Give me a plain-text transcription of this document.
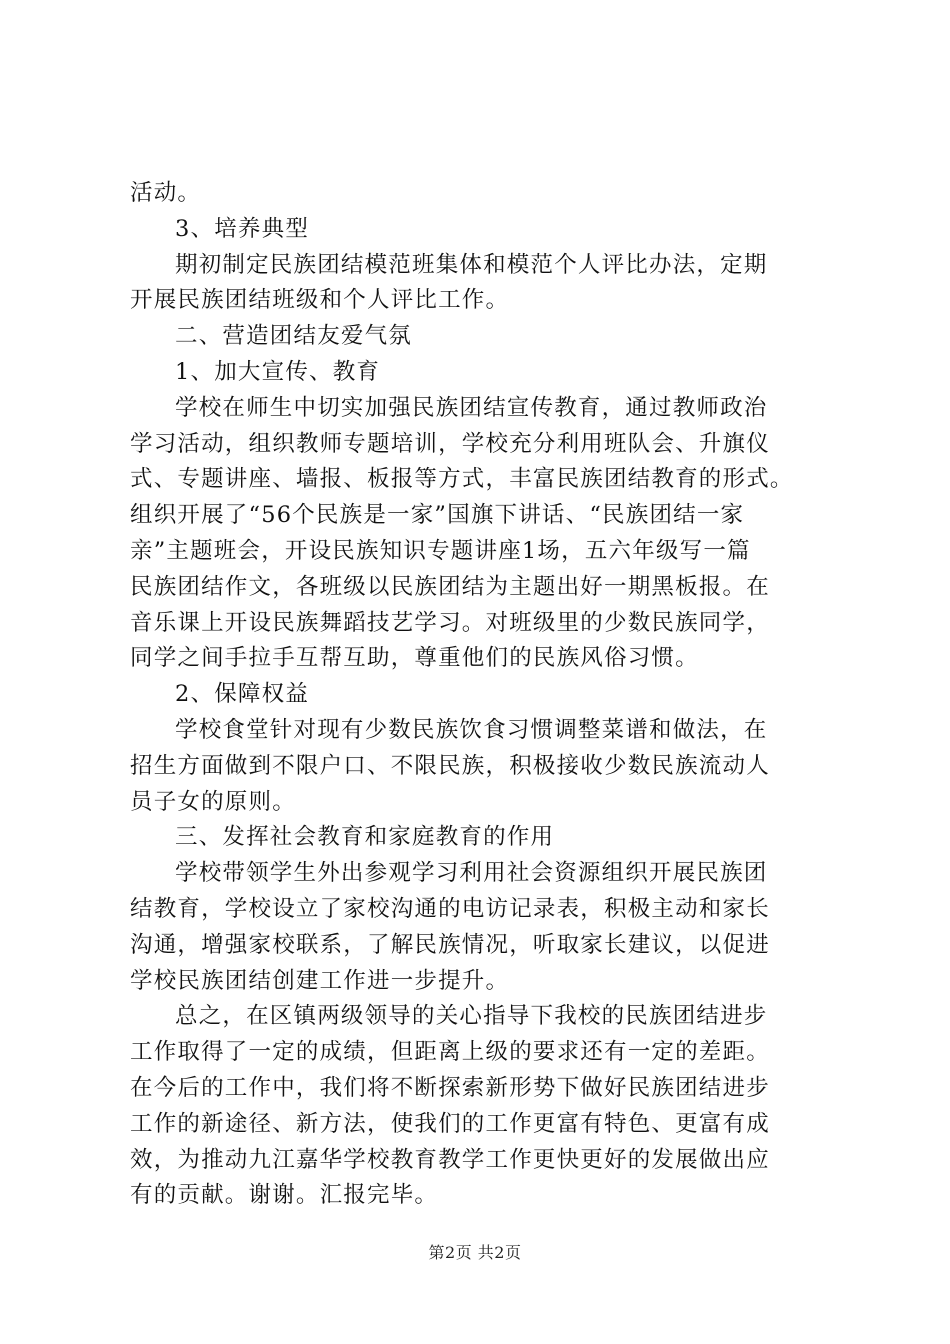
活动。
3、培养典型
期初制定民族团结模范班集体和模范个人评比办法，定期
开展民族团结班级和个人评比工作。
二、营造团结友爱气氛
1、加大宣传、教育
学校在师生中切实加强民族团结宣传教育，通过教师政治
学习活动，组织教师专题培训，学校充分利用班队会、升旗仪
式、专题讲座、墙报、板报等方式，丰富民族团结教育的形式。
组织开展了“56个民族是一家”国旗下讲话、“民族团结一家
亲”主题班会，开设民族知识专题讲座1场，五六年级写一篇
民族团结作文，各班级以民族团结为主题出好一期黑板报。在
音乐课上开设民族舞蹈技艺学习。对班级里的少数民族同学，
同学之间手拉手互帮互助，尊重他们的民族风俗习惯。
2、保障权益
学校食堂针对现有少数民族饮食习惯调整菜谱和做法，在
招生方面做到不限户口、不限民族，积极接收少数民族流动人
员子女的原则。
三、发挥社会教育和家庭教育的作用
学校带领学生外出参观学习利用社会资源组织开展民族团
结教育，学校设立了家校沟通的电访记录表，积极主动和家长
沟通，增强家校联系，了解民族情况，听取家长建议，以促进
学校民族团结创建工作进一步提升。
总之，在区镇两级领导的关心指导下我校的民族团结进步
工作取得了一定的成绩，但距离上级的要求还有一定的差距。
在今后的工作中，我们将不断探索新形势下做好民族团结进步
工作的新途径、新方法，使我们的工作更富有特色、更富有成
效，为推动九江嘉华学校教育教学工作更快更好的发展做出应
有的贡献。谢谢。汇报完毕。
第2页 共2页
